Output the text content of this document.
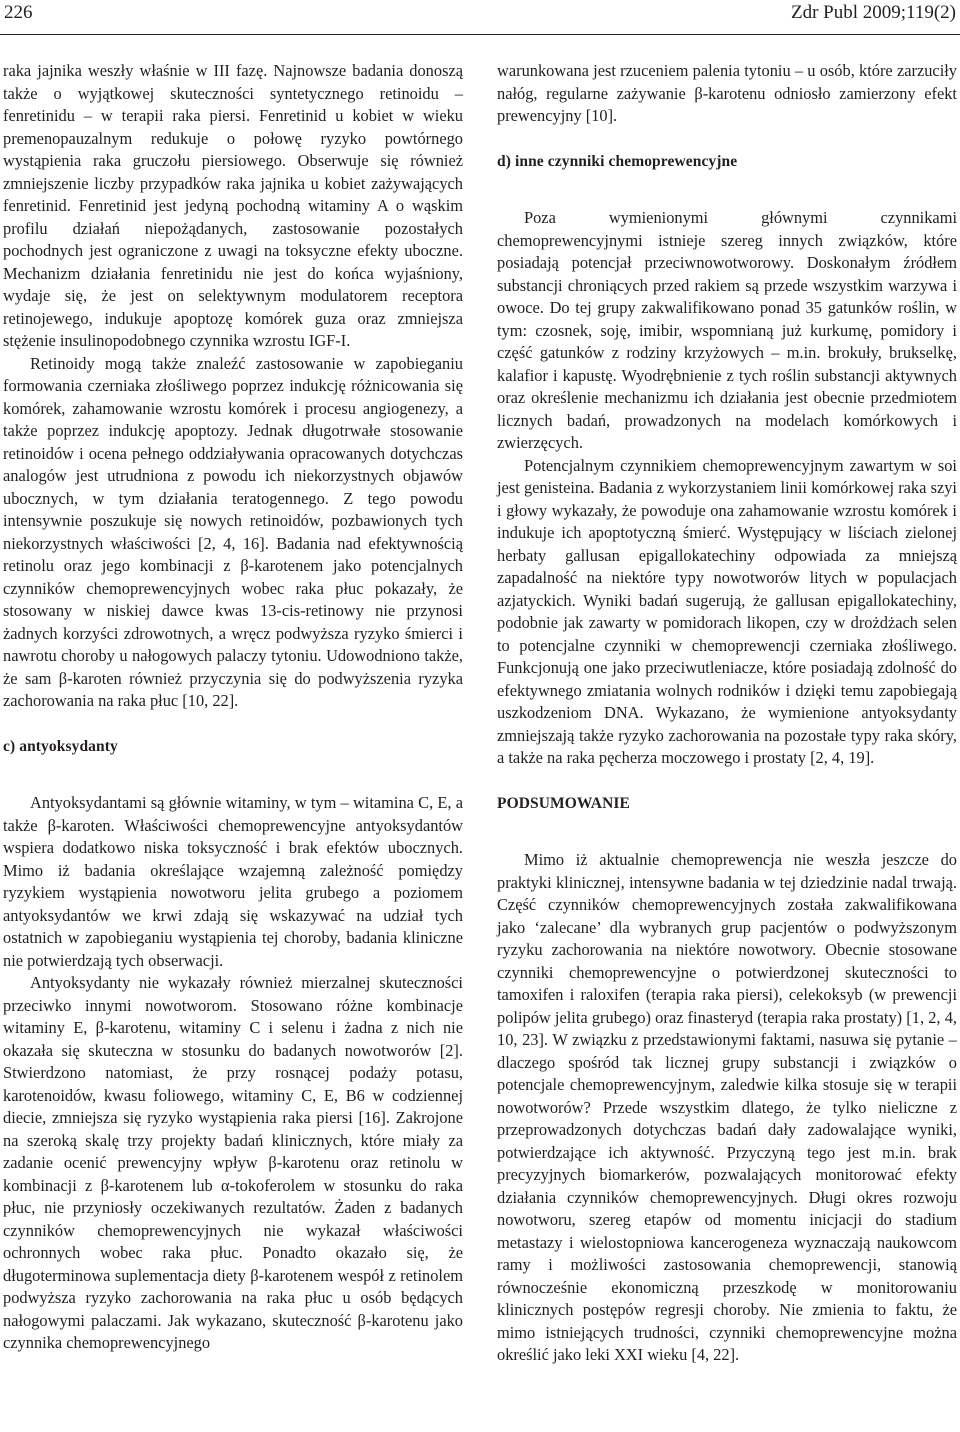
226	Zdr Publ 2009;119(2)

raka jajnika weszły właśnie w III fazę. Najnowsze badania donoszą także o wyjątkowej skuteczności syntetycznego retinoidu – fenretinidu – w terapii raka piersi. Fenretinid u kobiet w wieku premenopauzalnym redukuje o połowę ryzyko powtórnego wystąpienia raka gruczołu piersiowego. Obserwuje się również zmniejszenie liczby przypadków raka jajnika u kobiet zażywających fenretinid. Fenretinid jest jedyną pochodną witaminy A o wąskim profilu działań niepożądanych, zastosowanie pozostałych pochodnych jest ograniczone z uwagi na toksyczne efekty uboczne. Mechanizm działania fenretinidu nie jest do końca wyjaśniony, wydaje się, że jest on selektywnym modulatorem receptora retinojewego, indukuje apoptozę komórek guza oraz zmniejsza stężenie insulinopodobnego czynnika wzrostu IGF-I.

Retinoidy mogą także znaleźć zastosowanie w zapobieganiu formowania czerniaka złośliwego poprzez indukcję różnicowania się komórek, zahamowanie wzrostu komórek i procesu angiogenezy, a także poprzez indukcję apoptozy. Jednak długotrwałe stosowanie retinoidów i ocena pełnego oddziaływania opracowanych dotychczas analogów jest utrudniona z powodu ich niekorzystnych objawów ubocznych, w tym działania teratogennego. Z tego powodu intensywnie poszukuje się nowych retinoidów, pozbawionych tych niekorzystnych właściwości [2, 4, 16]. Badania nad efektywnością retinolu oraz jego kombinacji z β-karotenem jako potencjalnych czynników chemoprewencyjnych wobec raka płuc pokazały, że stosowany w niskiej dawce kwas 13-cis-retinowy nie przynosi żadnych korzyści zdrowotnych, a wręcz podwyższa ryzyko śmierci i nawrotu choroby u nałogowych palaczy tytoniu. Udowodniono także, że sam β-karoten również przyczynia się do podwyższenia ryzyka zachorowania na raka płuc [10, 22].

c) antyoksydanty

Antyoksydantami są głównie witaminy, w tym – witamina C, E, a także β-karoten. Właściwości chemoprewencyjne antyoksydantów wspiera dodatkowo niska toksyczność i brak efektów ubocznych. Mimo iż badania określające wzajemną zależność pomiędzy ryzykiem wystąpienia nowotworu jelita grubego a poziomem antyoksydantów we krwi zdają się wskazywać na udział tych ostatnich w zapobieganiu wystąpienia tej choroby, badania kliniczne nie potwierdzają tych obserwacji.

Antyoksydanty nie wykazały również mierzalnej skuteczności przeciwko innymi nowotworom. Stosowano różne kombinacje witaminy E, β-karotenu, witaminy C i selenu i żadna z nich nie okazała się skuteczna w stosunku do badanych nowotworów [2]. Stwierdzono natomiast, że przy rosnącej podaży potasu, karotenoidów, kwasu foliowego, witaminy C, E, B6 w codziennej diecie, zmniejsza się ryzyko wystąpienia raka piersi [16]. Zakrojone na szeroką skalę trzy projekty badań klinicznych, które miały za zadanie ocenić prewencyjny wpływ β-karotenu oraz retinolu w kombinacji z β-karotenem lub α-tokoferolem w stosunku do raka płuc, nie przyniosły oczekiwanych rezultatów. Żaden z badanych czynników chemoprewencyjnych nie wykazał właściwości ochronnych wobec raka płuc. Ponadto okazało się, że długoterminowa suplementacja diety β-karotenem wespół z retinolem podwyższa ryzyko zachorowania na raka płuc u osób będących nałogowymi palaczami. Jak wykazano, skuteczność β-karotenu jako czynnika chemoprewencyjnego

warunkowana jest rzuceniem palenia tytoniu – u osób, które zarzuciły nałóg, regularne zażywanie β-karotenu odniosło zamierzony efekt prewencyjny [10].

d) inne czynniki chemoprewencyjne

Poza wymienionymi głównymi czynnikami chemoprewencyjnymi istnieje szereg innych związków, które posiadają potencjał przeciwnowotworowy. Doskonałym źródłem substancji chroniących przed rakiem są przede wszystkim warzywa i owoce. Do tej grupy zakwalifikowano ponad 35 gatunków roślin, w tym: czosnek, soję, imibir, wspomnianą już kurkumę, pomidory i część gatunków z rodziny krzyżowych – m.in. brokuły, brukselkę, kalafior i kapustę. Wyodrębnienie z tych roślin substancji aktywnych oraz określenie mechanizmu ich działania jest obecnie przedmiotem licznych badań, prowadzonych na modelach komórkowych i zwierzęcych.

Potencjalnym czynnikiem chemoprewencyjnym zawartym w soi jest genisteina. Badania z wykorzystaniem linii komórkowej raka szyi i głowy wykazały, że powoduje ona zahamowanie wzrostu komórek i indukuje ich apoptotyczną śmierć. Występujący w liściach zielonej herbaty gallusan epigallokatechiny odpowiada za mniejszą zapadalność na niektóre typy nowotworów litych w populacjach azjatyckich. Wyniki badań sugerują, że gallusan epigallokatechiny, podobnie jak zawarty w pomidorach likopen, czy w drożdżach selen to potencjalne czynniki w chemoprewencji czerniaka złośliwego. Funkcjonują one jako przeciwutleniacze, które posiadają zdolność do efektywnego zmiatania wolnych rodników i dzięki temu zapobiegają uszkodzeniom DNA. Wykazano, że wymienione antyoksydanty zmniejszają także ryzyko zachorowania na pozostałe typy raka skóry, a także na raka pęcherza moczowego i prostaty [2, 4, 19].

PODSUMOWANIE

Mimo iż aktualnie chemoprewencja nie weszła jeszcze do praktyki klinicznej, intensywne badania w tej dziedzinie nadal trwają. Część czynników chemoprewencyjnych została zakwalifikowana jako ‘zalecane’ dla wybranych grup pacjentów o podwyższonym ryzyku zachorowania na niektóre nowotwory. Obecnie stosowane czynniki chemoprewencyjne o potwierdzonej skuteczności to tamoxifen i raloxifen (terapia raka piersi), celekoksyb (w prewencji polipów jelita grubego) oraz finasteryd (terapia raka prostaty) [1, 2, 4, 10, 23]. W związku z przedstawionymi faktami, nasuwa się pytanie – dlaczego spośród tak licznej grupy substancji i związków o potencjale chemoprewencyjnym, zaledwie kilka stosuje się w terapii nowotworów? Przede wszystkim dlatego, że tylko nieliczne z przeprowadzonych dotychczas badań dały zadowalające wyniki, potwierdzające ich aktywność. Przyczyną tego jest m.in. brak precyzyjnych biomarkerów, pozwalających monitorować efekty działania czynników chemoprewencyjnych. Długi okres rozwoju nowotworu, szereg etapów od momentu inicjacji do stadium metastazy i wielostopniowa kancerogeneza wyznaczają naukowcom ramy i możliwości zastosowania chemoprewencji, stanowią równocześnie ekonomiczną przeszkodę w monitorowaniu klinicznych postępów regresji choroby. Nie zmienia to faktu, że mimo istniejących trudności, czynniki chemoprewencyjne można określić jako leki XXI wieku [4, 22].
